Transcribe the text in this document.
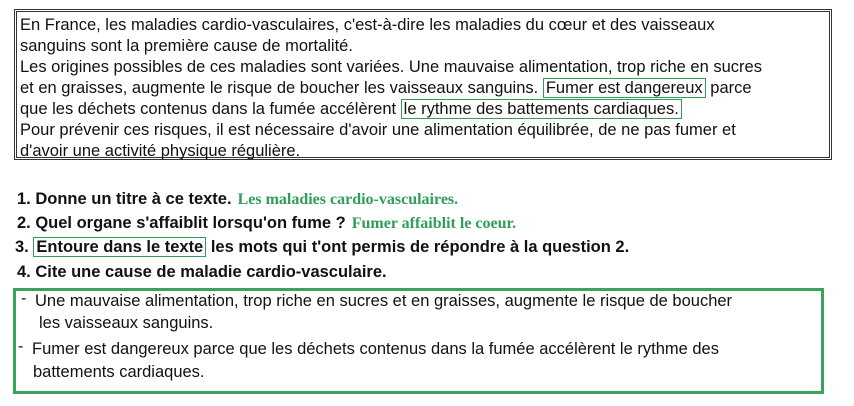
En France, les maladies cardio-vasculaires, c'est-à-dire les maladies du cœur et des vaisseaux
sanguins sont la première cause de mortalité.
Les origines possibles de ces maladies sont variées. Une mauvaise alimentation, trop riche en sucres
et en graisses, augmente le risque de boucher les vaisseaux sanguins. Fumer est dangereux parce
que les déchets contenus dans la fumée accélèrent le rythme des battements cardiaques.
Pour prévenir ces risques, il est nécessaire d'avoir une alimentation équilibrée, de ne pas fumer et
d'avoir une activité physique régulière.
1. Donne un titre à ce texte. Les maladies cardio-vasculaires.
2. Quel organe s'affaiblit lorsqu'on fume ? Fumer affaiblit le coeur.
3. Entoure dans le texte les mots qui t'ont permis de répondre à la question 2.
4. Cite une cause de maladie cardio-vasculaire.
- Une mauvaise alimentation, trop riche en sucres et en graisses, augmente le risque de boucher
les vaisseaux sanguins.
- Fumer est dangereux parce que les déchets contenus dans la fumée accélèrent le rythme des
battements cardiaques.
